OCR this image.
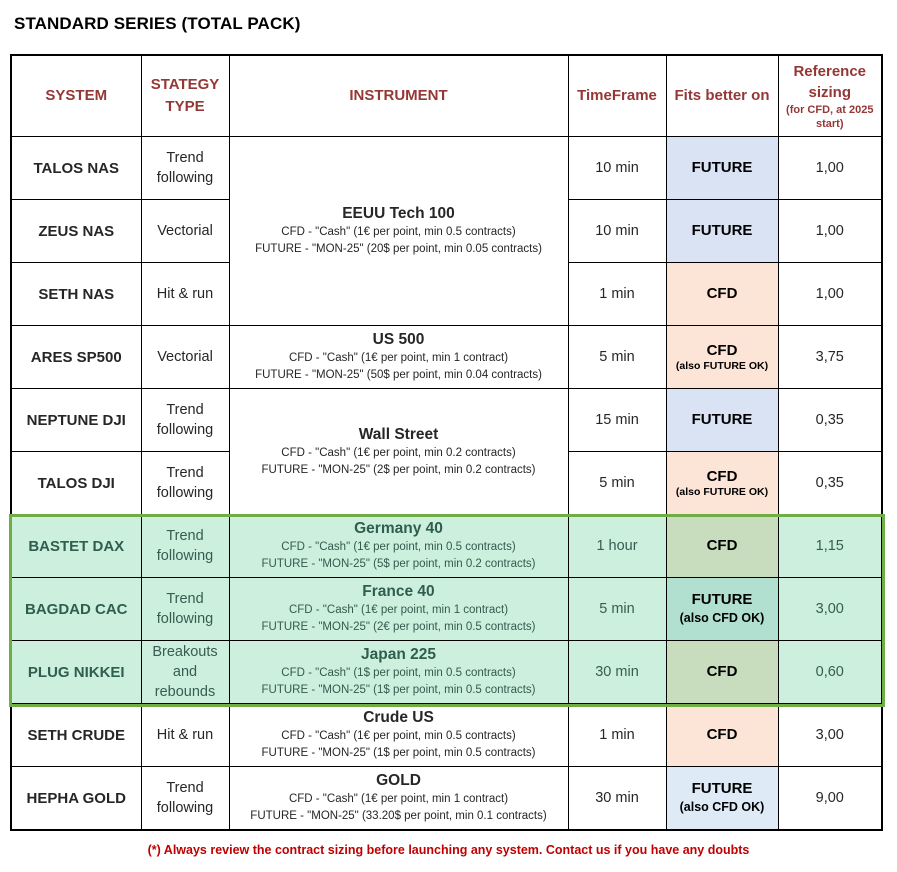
STANDARD SERIES (TOTAL PACK)
SYSTEM	STATEGY TYPE	INSTRUMENT	TimeFrame	Fits better on	Reference sizing
(for CFD, at 2025 start)

TALOS NAS	Trend
following	EEUU Tech 100
CFD - "Cash" (1€ per point, min 0.5 contracts)
FUTURE - "MON-25" (20$ per point, min 0.05 contracts)	10 min	FUTURE	1,00
ZEUS NAS	Vectorial		10 min	FUTURE	1,00
SETH NAS	Hit & run		1 min	CFD	1,00
ARES SP500	Vectorial	US 500
CFD - "Cash" (1€ per point, min 1 contract)
FUTURE - "MON-25" (50$ per point, min 0.04 contracts)	5 min	CFD
(also FUTURE OK)	3,75
NEPTUNE DJI	Trend
following	Wall Street
CFD - "Cash" (1€ per point, min 0.2 contracts)
FUTURE - "MON-25" (2$ per point, min 0.2 contracts)	15 min	FUTURE	0,35
TALOS DJI	Trend
following		5 min	CFD
(also FUTURE OK)	0,35
BASTET DAX	Trend
following	Germany 40
CFD - "Cash" (1€ per point, min 0.5 contracts)
FUTURE - "MON-25" (5$ per point, min 0.2 contracts)	1 hour	CFD	1,15
BAGDAD CAC	Trend
following	France 40
CFD - "Cash" (1€ per point, min 1 contract)
FUTURE - "MON-25" (2€ per point, min 0.5 contracts)	5 min	FUTURE
(also CFD OK)	3,00
PLUG NIKKEI	Breakouts
and
rebounds	Japan 225
CFD - "Cash" (1$ per point, min 0.5 contracts)
FUTURE - "MON-25" (1$ per point, min 0.5 contracts)	30 min	CFD	0,60
SETH CRUDE	Hit & run	Crude US
CFD - "Cash" (1€ per point, min 0.5 contracts)
FUTURE - "MON-25" (1$ per point, min 0.5 contracts)	1 min	CFD	3,00
HEPHA GOLD	Trend
following	GOLD
CFD - "Cash" (1€ per point, min 1 contract)
FUTURE - "MON-25" (33.20$ per point, min 0.1 contracts)	30 min	FUTURE
(also CFD OK)	9,00
(*) Always review the contract sizing before launching any system. Contact us if you have any doubts
